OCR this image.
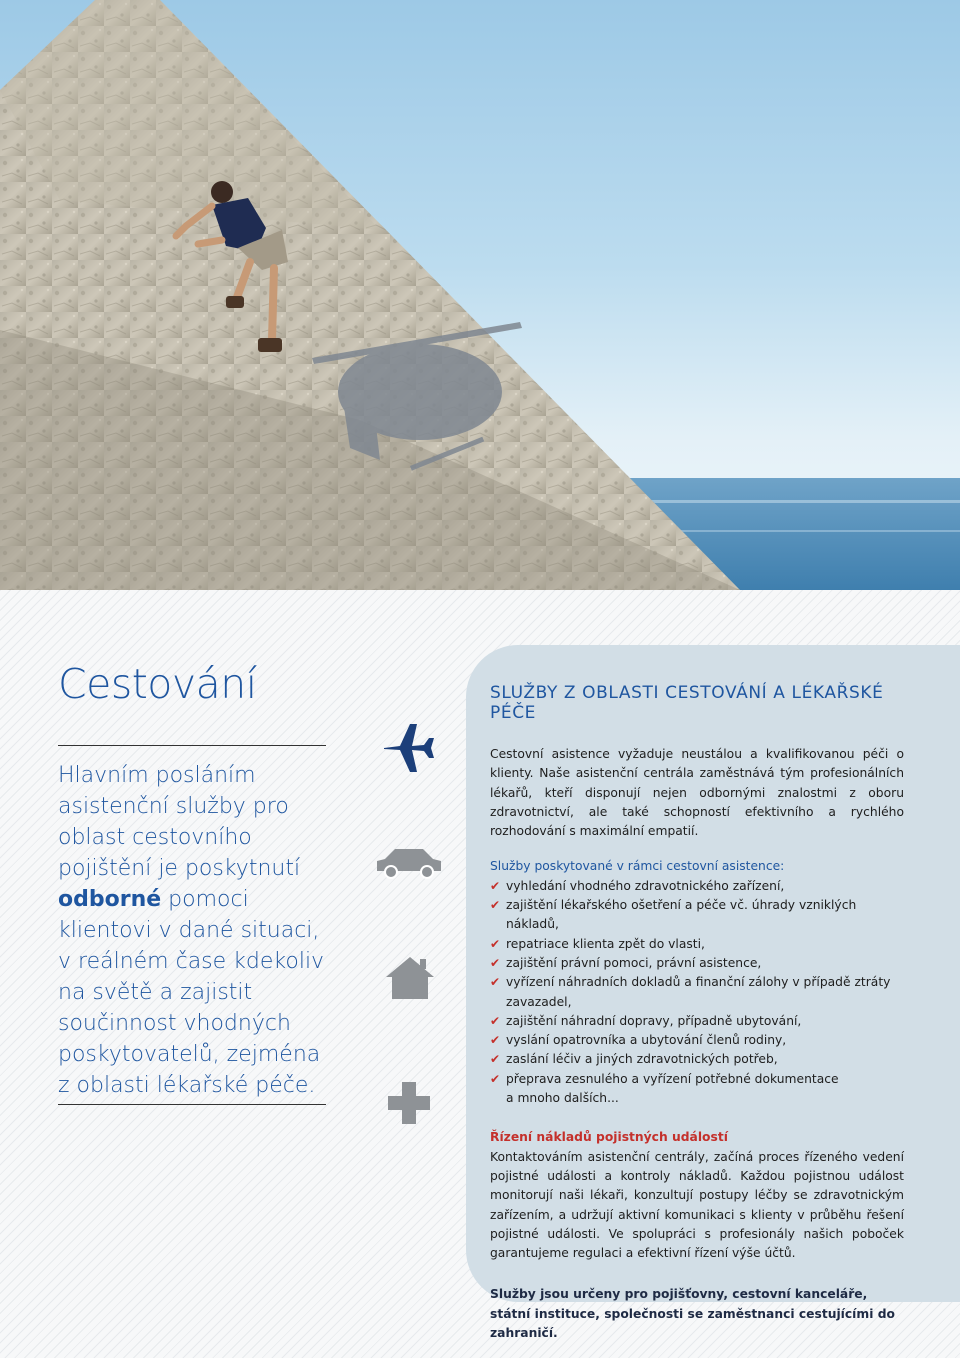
Cestování

Hlavním posláním asistenční služby pro oblast cestovního pojištění je poskytnutí odborné pomoci klientovi v dané situaci, v reálném čase kdekoliv na světě a zajistit součinnost vhodných poskytovatelů, zejména z oblasti lékařské péče.

SLUŽBY Z OBLASTI CESTOVÁNÍ A LÉKAŘSKÉ PÉČE

Cestovní asistence vyžaduje neustálou a kvalifikovanou péči o klienty. Naše asistenční centrála zaměstnává tým profesionálních lékařů, kteří disponují nejen odbornými znalostmi z oboru zdravotnictví, ale také schopností efektivního a rychlého rozhodování s maximální empatií.

Služby poskytované v rámci cestovní asistence:

✔ vyhledání vhodného zdravotnického zařízení,
✔ zajištění lékařského ošetření a péče vč. úhrady vzniklých nákladů,
✔ repatriace klienta zpět do vlasti,
✔ zajištění právní pomoci, právní asistence,
✔ vyřízení náhradních dokladů a finanční zálohy v případě ztráty zavazadel,
✔ zajištění náhradní dopravy, případně ubytování,
✔ vyslání opatrovníka a ubytování členů rodiny,
✔ zaslání léčiv a jiných zdravotnických potřeb,
✔ přeprava zesnulého a vyřízení potřebné dokumentace
a mnoho dalších...

Řízení nákladů pojistných událostí

Kontaktováním asistenční centrály, začíná proces řízeného vedení pojistné události a kontroly nákladů. Každou pojistnou událost monitorují naši lékaři, konzultují postupy léčby se zdravotnickým zařízením, a udržují aktivní komunikaci s klienty v průběhu řešení pojistné události. Ve spolupráci s profesionály našich poboček garantujeme regulaci a efektivní řízení výše účtů.

Služby jsou určeny pro pojišťovny, cestovní kanceláře, státní instituce, společnosti se zaměstnanci cestujícími do zahraničí.
